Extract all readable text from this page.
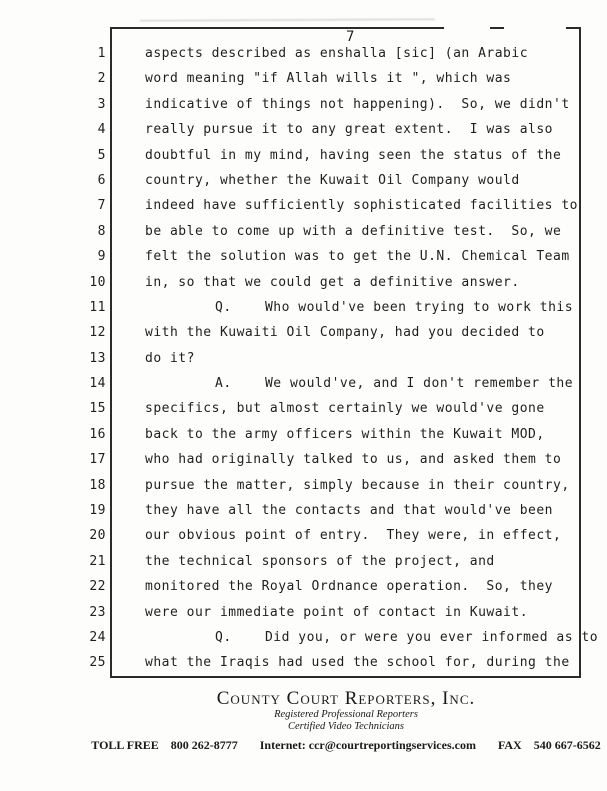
7
1	aspects described as enshalla [sic] (an Arabic
2	word meaning "if Allah wills it ", which was
3	indicative of things not happening).  So, we didn't
4	really pursue it to any great extent.  I was also
5	doubtful in my mind, having seen the status of the
6	country, whether the Kuwait Oil Company would
7	indeed have sufficiently sophisticated facilities to
8	be able to come up with a definitive test.  So, we
9	felt the solution was to get the U.N. Chemical Team
10	in, so that we could get a definitive answer.
11	Q.    Who would've been trying to work this
12	with the Kuwaiti Oil Company, had you decided to
13	do it?
14	A.    We would've, and I don't remember the
15	specifics, but almost certainly we would've gone
16	back to the army officers within the Kuwait MOD,
17	who had originally talked to us, and asked them to
18	pursue the matter, simply because in their country,
19	they have all the contacts and that would've been
20	our obvious point of entry.  They were, in effect,
21	the technical sponsors of the project, and
22	monitored the Royal Ordnance operation.  So, they
23	were our immediate point of contact in Kuwait.
24	Q.    Did you, or were you ever informed as to
25	what the Iraqis had used the school for, during the
County Court Reporters, Inc.
Registered Professional Reporters
Certified Video Technicians
TOLL FREE 800 262-8777 Internet: ccr@courtreportingservices.com FAX 540 667-6562
